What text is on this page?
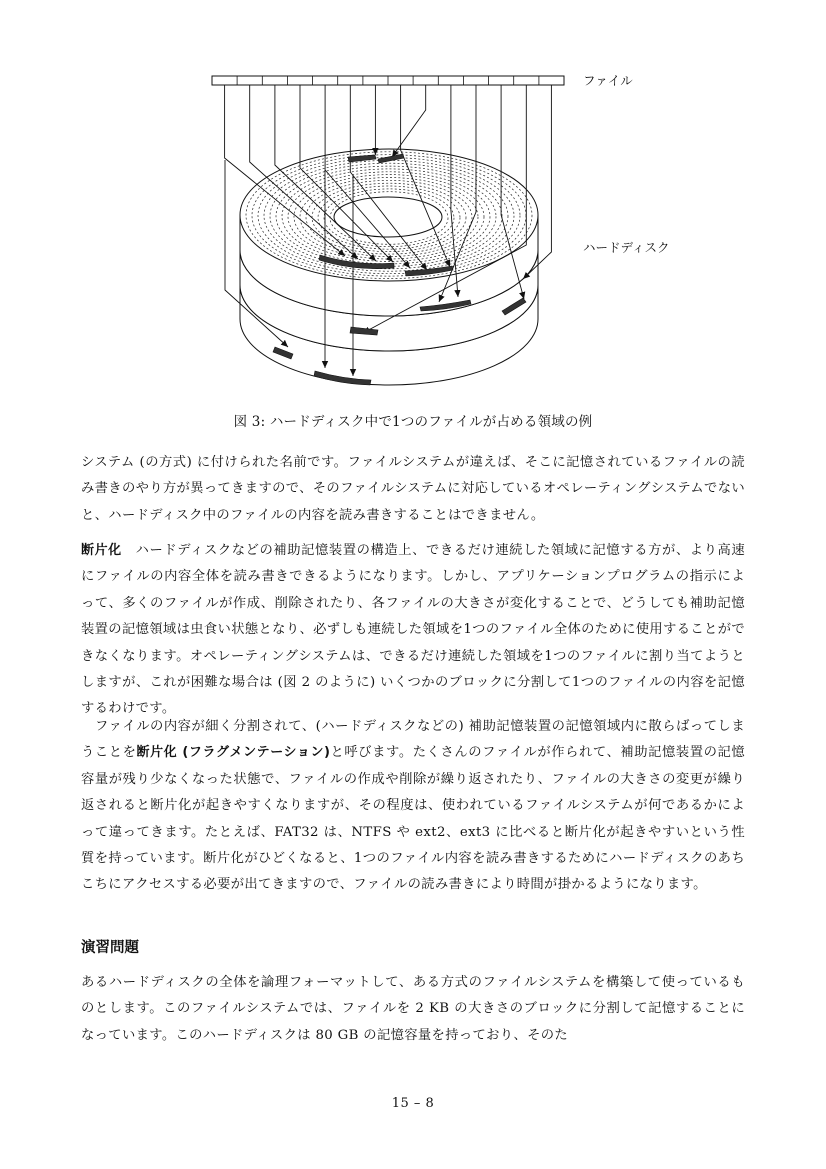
ファイル
ハードディスク
図 3: ハードディスク中で1つのファイルが占める領域の例

システム (の方式) に付けられた名前です。ファイルシステムが違えば、そこに記憶されているファイルの読み書きのやり方が異ってきますので、そのファイルシステムに対応しているオペレーティングシステムでないと、ハードディスク中のファイルの内容を読み書きすることはできません。

断片化　 ハードディスクなどの補助記憶装置の構造上、できるだけ連続した領域に記憶する方が、より高速にファイルの内容全体を読み書きできるようになります。しかし、アプリケーションプログラムの指示によって、多くのファイルが作成、削除されたり、各ファイルの大きさが変化することで、どうしても補助記憶装置の記憶領域は虫食い状態となり、必ずしも連続した領域を1つのファイル全体のために使用することができなくなります。オペレーティングシステムは、できるだけ連続した領域を1つのファイルに割り当てようとしますが、これが困難な場合は (図 2 のように) いくつかのブロックに分割して1つのファイルの内容を記憶するわけです。

ファイルの内容が細く分割されて、(ハードディスクなどの) 補助記憶装置の記憶領域内に散らばってしまうことを断片化 (フラグメンテーション)と呼びます。たくさんのファイルが作られて、補助記憶装置の記憶容量が残り少なくなった状態で、ファイルの作成や削除が繰り返されたり、ファイルの大きさの変更が繰り返されると断片化が起きやすくなりますが、その程度は、使われているファイルシステムが何であるかによって違ってきます。たとえば、FAT32 は、NTFS や ext2、ext3 に比べると断片化が起きやすいという性質を持っています。断片化がひどくなると、1つのファイル内容を読み書きするためにハードディスクのあちこちにアクセスする必要が出てきますので、ファイルの読み書きにより時間が掛かるようになります。

演習問題

あるハードディスクの全体を論理フォーマットして、ある方式のファイルシステムを構築して使っているものとします。このファイルシステムでは、ファイルを 2 KB の大きさのブロックに分割して記憶することになっています。このハードディスクは 80 GB の記憶容量を持っており、そのた

15 – 8
